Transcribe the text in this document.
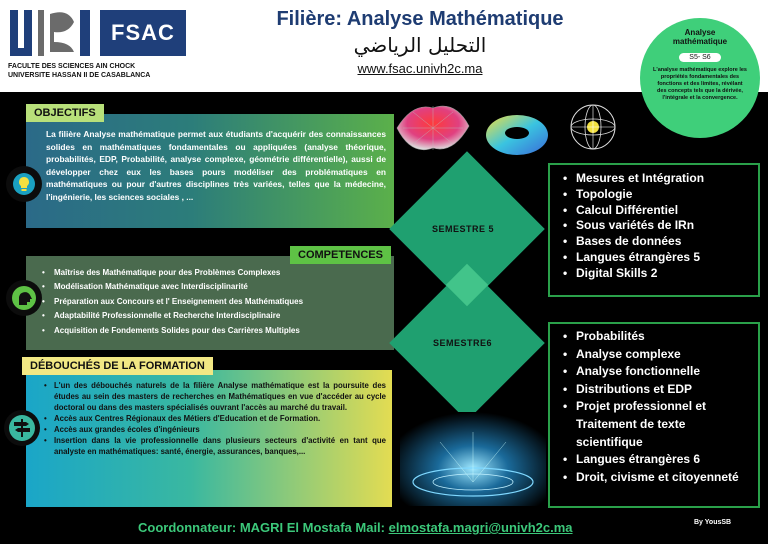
FSAC
FACULTE DES SCIENCES AIN CHOCK
UNIVERSITE HASSAN II DE CASABLANCA
Filière: Analyse Mathématique
التحليل الرياضي
www.fsac.univh2c.ma
Analyse
mathématique
S5- S6
L'analyse mathématique explore les propriétés fondamentales des fonctions et des limites, révélant des concepts tels que la dérivée, l'intégrale et la convergence.
La filière Analyse mathématique permet aux étudiants d'acquérir des connaissances solides en mathématiques fondamentales ou appliquées (analyse théorique, probabilités, EDP, Probabilité, analyse complexe, géométrie différentielle), aussi de développer chez eux les bases pours modéliser des problématiques en mathématiques ou pour d'autres disciplines très variées, telles que la médecine, l'ingénierie, les sciences sociales , ...
OBJECTIFS
• Maîtrise des Mathématique pour des Problèmes Complexes
• Modélisation Mathématique avec Interdisciplinarité
• Préparation aux Concours et l' Enseignement des Mathématiques
• Adaptabilité Professionnelle et Recherche Interdisciplinaire
• Acquisition de Fondements Solides pour des Carrières Multiples
COMPETENCES
• L'un des débouchés naturels de la filière Analyse mathématique est la poursuite des études au sein des masters de recherches en Mathématiques en vue d'accéder au cycle doctoral ou dans des masters spécialisés ouvrant l'accès au marché du travail.
• Accès aux Centres Régionaux des Métiers d'Education et de Formation.
• Accès aux grandes écoles d'ingénieurs
• Insertion dans la vie professionnelle dans plusieurs secteurs d'activité en tant que analyste en mathématiques: santé, énergie, assurances, banques,...
DÉBOUCHÉS DE LA FORMATION
SEMESTRE 5
SEMESTRE6
• Mesures et Intégration
• Topologie
• Calcul Différentiel
• Sous variétés de IRn
• Bases de données
• Langues étrangères 5
• Digital Skills 2
• Probabilités
• Analyse complexe
• Analyse fonctionnelle
• Distributions et EDP
• Projet professionnel et Traitement de texte scientifique
• Langues étrangères 6
• Droit, civisme et citoyenneté
Coordonnateur: MAGRI El Mostafa Mail: elmostafa.magri@univh2c.ma	By YousSB
